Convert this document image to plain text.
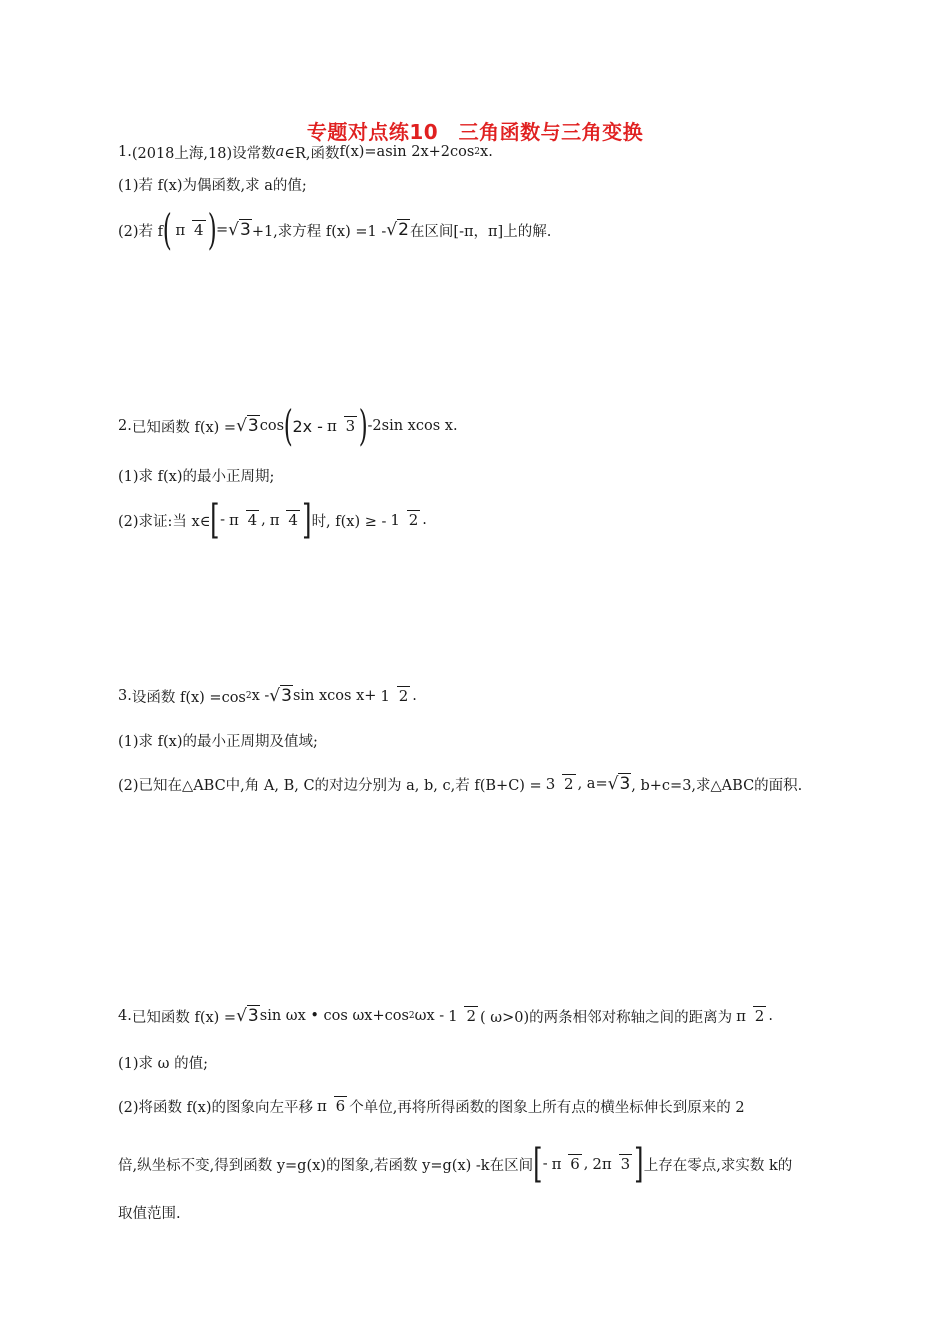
专题对点练10　三角函数与三角变换
1. (2018上海,18)设常数 a ∈R,函数 f(x) =asin 2x+2cos 2 x.
(1)若 f(x)为偶函数,求 a的值;
(2)若 f ( π 4 ) = √3 +1,求方程 f(x) =1 - √2 在区间[-π，π]上的解.
2. 已知函数 f(x) = √3 cos ( 2x - π 3 ) -2sin xcos x.
(1)求 f(x)的最小正周期;
(2)求证:当 x∈ [ - π 4 , π 4 ] 时, f(x) ≥ - 1 2 .
3. 设函数 f(x) =cos 2 x - √3 sin xcos x+ 1 2 .
(1)求 f(x)的最小正周期及值域;
(2)已知在△ABC中,角 A, B, C的对边分别为 a, b, c,若 f(B+C) = 3 2 , a= √3 , b+c=3,求△ABC的面积.
4. 已知函数 f(x) = √3 sin ωx • cos ωx+cos 2 ωx - 1 2 ( ω>0)的两条相邻对称轴之间的距离为 π 2 .
(1)求 ω 的值;
(2)将函数 f(x)的图象向左平移 π 6 个单位,再将所得函数的图象上所有点的横坐标伸长到原来的 2
倍,纵坐标不变,得到函数 y=g(x)的图象,若函数 y=g(x) -k在区间 [ - π 6 , 2π 3 ] 上存在零点,求实数 k的
取值范围.
